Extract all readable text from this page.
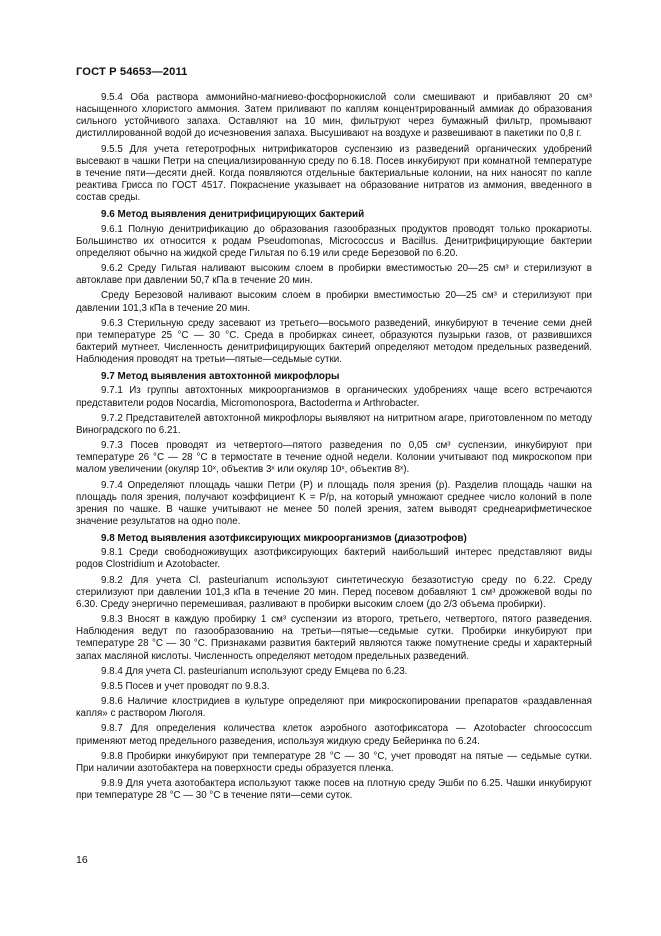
ГОСТ Р 54653—2011

9.5.4 Оба раствора аммонийно-магниево-фосфорнокислой соли смешивают и прибавляют 20 см³ насыщенного хлористого аммония. Затем приливают по каплям концентрированный аммиак до образования сильного устойчивого запаха. Оставляют на 10 мин, фильтруют через бумажный фильтр, промывают дистиллированной водой до исчезновения запаха. Высушивают на воздухе и развешивают в пакетики по 0,8 г.

9.5.5 Для учета гетеротрофных нитрификаторов суспензию из разведений органических удобрений высевают в чашки Петри на специализированную среду по 6.18. Посев инкубируют при комнатной температуре в течение пяти—десяти дней. Когда появляются отдельные бактериальные колонии, на них наносят по капле реактива Грисса по ГОСТ 4517. Покраснение указывает на образование нитратов из аммония, введенного в состав среды.

9.6 Метод выявления денитрифицирующих бактерий

9.6.1 Полную денитрификацию до образования газообразных продуктов проводят только прокариоты. Большинство их относится к родам Pseudomonas, Micrococcus и Bacillus. Денитрифицирующие бактерии определяют обычно на жидкой среде Гильтая по 6.19 или среде Березовой по 6.20.

9.6.2 Среду Гильтая наливают высоким слоем в пробирки вместимостью 20—25 см³ и стерилизуют в автоклаве при давлении 50,7 кПа в течение 20 мин.

Среду Березовой наливают высоким слоем в пробирки вместимостью 20—25 см³ и стерилизуют при давлении 101,3 кПа в течение 20 мин.

9.6.3 Стерильную среду засевают из третьего—восьмого разведений, инкубируют в течение семи дней при температуре 25 °С — 30 °С. Среда в пробирках синеет, образуются пузырьки газов, от развившихся бактерий мутнеет. Численность денитрифицирующих бактерий определяют методом предельных разведений. Наблюдения проводят на третьи—пятые—седьмые сутки.

9.7 Метод выявления автохтонной микрофлоры

9.7.1 Из группы автохтонных микроорганизмов в органических удобрениях чаще всего встречаются представители родов Nocardia, Micromonospora, Bactoderma и Arthrobacter.

9.7.2 Представителей автохтонной микрофлоры выявляют на нитритном агаре, приготовленном по методу Виноградского по 6.21.

9.7.3 Посев проводят из четвертого—пятого разведения по 0,05 см³ суспензии, инкубируют при температуре 26 °С — 28 °С в термостате в течение одной недели. Колонии учитывают под микроскопом при малом увеличении (окуляр 10ˣ, объектив 3ˣ или окуляр 10ˣ, объектив 8ˣ).

9.7.4 Определяют площадь чашки Петри (P) и площадь поля зрения (p). Разделив площадь чашки на площадь поля зрения, получают коэффициент K = P/p, на который умножают среднее число колоний в поле зрения по чашке. В чашке учитывают не менее 50 полей зрения, затем выводят среднеарифметическое значение результатов на одно поле.

9.8 Метод выявления азотфиксирующих микроорганизмов (диазотрофов)

9.8.1 Среди свободноживущих азотфиксирующих бактерий наибольший интерес представляют виды родов Clostridium и Azotobacter.

9.8.2 Для учета Cl. pasteurianum используют синтетическую безазотистую среду по 6.22. Среду стерилизуют при давлении 101,3 кПа в течение 20 мин. Перед посевом добавляют 1 см³ дрожжевой воды по 6.30. Среду энергично перемешивая, разливают в пробирки высоким слоем (до 2/3 объема пробирки).

9.8.3 Вносят в каждую пробирку 1 см³ суспензии из второго, третьего, четвертого, пятого разведения. Наблюдения ведут по газообразованию на третьи—пятые—седьмые сутки. Пробирки инкубируют при температуре 28 °С — 30 °С. Признаками развития бактерий являются также помутнение среды и характерный запах масляной кислоты. Численность определяют методом предельных разведений.

9.8.4 Для учета Cl. pasteurianum используют среду Емцева по 6.23.

9.8.5 Посев и учет проводят по 9.8.3.

9.8.6 Наличие клостридиев в культуре определяют при микроскопировании препаратов «раздавленная капля» с раствором Люголя.

9.8.7 Для определения количества клеток аэробного азотофиксатора — Azotobacter chroococcum применяют метод предельного разведения, используя жидкую среду Бейеринка по 6.24.

9.8.8 Пробирки инкубируют при температуре 28 °С — 30 °С, учет проводят на пятые — седьмые сутки. При наличии азотобактера на поверхности среды образуется пленка.

9.8.9 Для учета азотобактера используют также посев на плотную среду Эшби по 6.25. Чашки инкубируют при температуре 28 °С — 30 °С в течение пяти—семи суток.

16
